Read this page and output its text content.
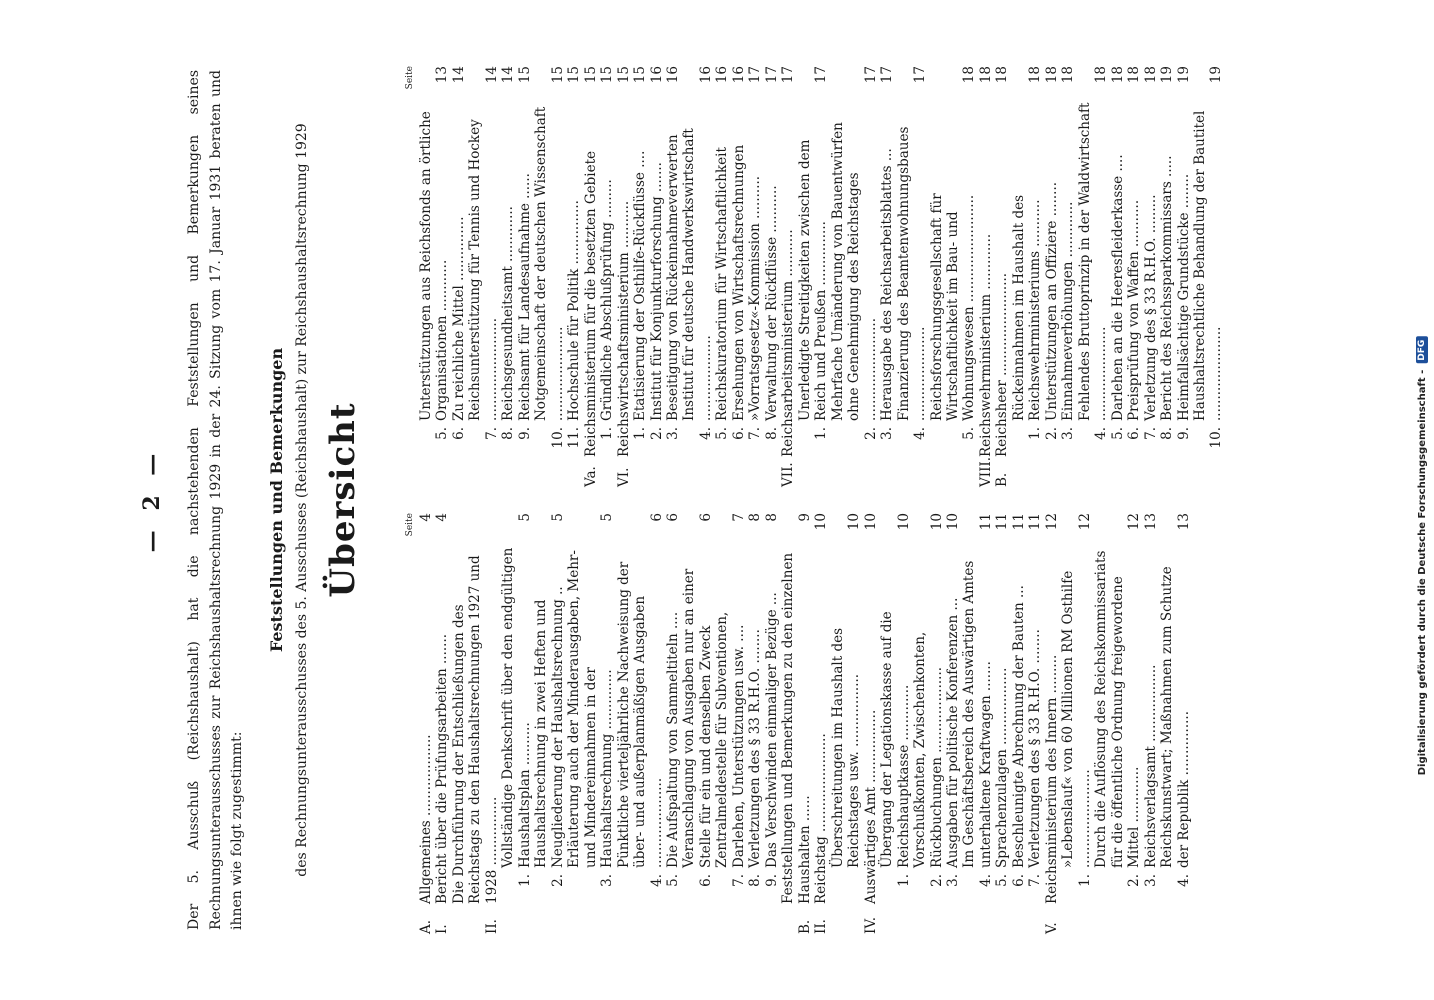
— 2 — Der 5. Ausschuß (Reichshaushalt) hat die nachstehenden Feststellungen und Bemerkungen seines Rechnungsunterausschusses zur Reichshaushaltsrechnung 1929 in der 24. Sitzung vom 17. Januar 1931 beraten und ihnen wie folgt zugestimmt:
Feststellungen und Bemerkungen des Rechnungsunterausschusses des 5. Ausschusses (Reichshaushalt) zur Reichshaushaltsrechnung 1929 Übersicht	Seite
A.
Allgemeines ...................
4
I.
Bericht über die Prüfungsarbeiten .......
4
II.
Die Durchführung der Entschließungen des Reichstags zu den Haushaltsrechnungen 1927 und 1928 ................ 1.
Vollständige Denkschrift über den endgültigen Haushaltsplan ..........
5
2.
Haushaltsrechnung in zwei Heften und Neugliederung der Haushaltsrechnung ..
5
3.
Erläuterung auch der Minderausgaben, Mehr- und Mindereinnahmen in der Haushaltsrechnung ..............
5
4.
Pünktliche vierteljährliche Nachweisung der über- und außerplanmäßigen Ausgaben .....................
6
5.
Die Aufspaltung von Sammeltiteln ....
6
6.
Veranschlagung von Ausgaben nur an einer Stelle für ein und denselben Zweck
6
7.
Zentralmeldestelle für Subventionen, Darlehen, Unterstützungen usw. ....
7
8.
Verletzungen des § 33 R.H.O. ........
8
9.
Das Verschwinden einmaliger Bezüge ...
8
B.
Feststellungen und Bemerkungen zu den einzelnen Haushalten ......
9
II.
Reichstag .......................
10
Überschreitungen im Haushalt des Reichstages usw. .................
10
IV.
Auswärtiges Amt .................
10
1.
Übergang der Legationskasse auf die Reichshauptkasse .............
10
2.
Vorschußkonten, Zwischenkonten, Rückbuchungen ....................
10
3.
Ausgaben für politische Konferenzen ...
10
4.
Im Geschäftsbereich des Auswärtigen Amtes unterhaltene Kraftwagen .......
11
5.
Sprachenzulagen ..................
11
6.
Beschleunigte Abrechnung der Bauten ...
11
7.
Verletzungen des § 33 R.H.O. ........
11
V.
Reichsministerium des Innern .........
12
1.
»Lebenslauf« von 60 Millionen RM Osthilfe .......................
12
2.
Durch die Auflösung des Reichskommissariats für die öffentliche Ordnung freigewordene Mittel .............
12
3.
Reichsverlagsamt ..................
13
4.
Reichskunstwart; Maßnahmen zum Schutze der Republik ...............
13
Seite
5.
Unterstützungen aus Reichsfonds an örtliche Organisationen ............
13
6.
Zu reichliche Mittel ...............
14
7.
Reichsunterstützung für Tennis und Hockey ........................
14
8.
Reichsgesundheitsamt .............
14
9.
Reichsamt für Landesaufnahme ......
15
10.
Notgemeinschaft der deutschen Wissenschaft ......................
15
11.
Hochschule für Politik ...............
15
Va.
Reichsministerium für die besetzten Gebiete
15
1.
Gründliche Abschlußprüfung .........
15
VI.
Reichswirtschaftsministerium ...........
15
1.
Etatisierung der Osthilfe-Rückflüsse ....
15
2.
Institut für Konjunkturforschung .......
16
3.
Beseitigung von Rückeinnahmeverwerten
16
4.
Institut für deutsche Handwerkswirtschaft ....................
16
5.
Reichskuratorium für Wirtschaftlichkeit
16
6.
Ersehungen von Wirtschaftsrechnungen
16
7.
»Vorratsgesetz«-Kommission ..........
17
8.
Verwaltung der Rückflüsse ...........
17
VII.
Reichsarbeitsministerium ...........
17
1.
Unerledigte Streitigkeiten zwischen dem Reich und Preußen ...............
17
2.
Mehrfache Umänderung von Bauentwürfen ohne Genehmigung des Reichstages ........................
17
3.
Herausgabe des Reichsarbeitsblattes ...
17
4.
Finanzierung des Beamtenwohnungsbaues ......................
17
5.
Reichsforschungsgesellschaft für Wirtschaftlichkeit im Bau- und Wohnungswesen .........................
18
VIII.
Reichswehrministerium .............
18
B.
Reichsheer ........................
18
1.
Rückeinnahmen im Haushalt des Reichswehrministeriums ...........
18
2.
Unterstützungen an Offiziere ........
18
3.
Einnahmeverhöhungen .............
18
4.
Fehlendes Bruttoprinzip in der Waldwirtschaft ......................
18
5.
Darlehen an die Heeresfleiderkasse ....
18
6.
Preisprüfung von Waffen ...........
18
7.
Verletzung des § 33 R.H.O. .........
18
8.
Bericht des Reichssparkommissars .....
19
9.
Heimfallsächtige Grundstücke ........
19
10.
Haushaltsrechtliche Behandlung der Bautitel ......................
19
Digitalisierung gefördert durch die Deutsche Forschungsgemeinschaft -
DFG
